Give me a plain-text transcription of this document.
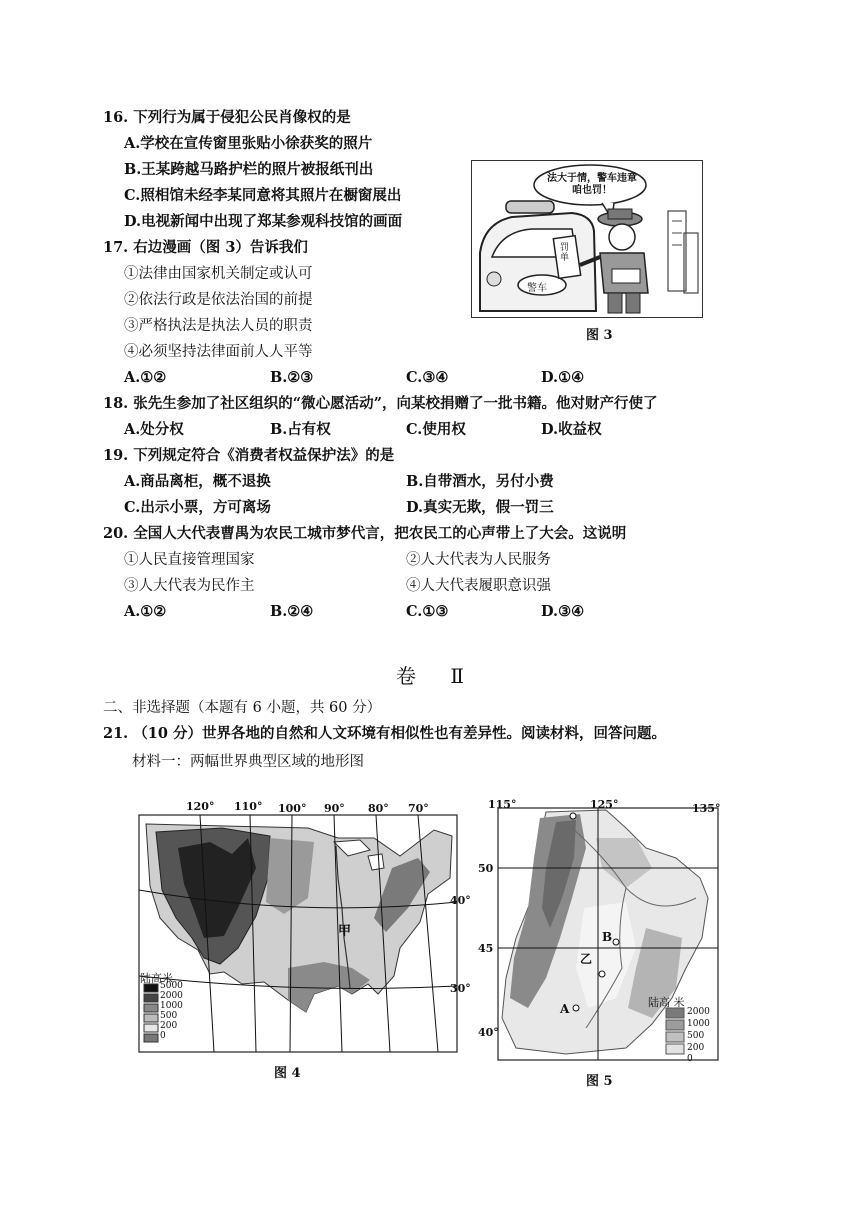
16. 下列行为属于侵犯公民肖像权的是
A.学校在宣传窗里张贴小徐获奖的照片
B.王某跨越马路护栏的照片被报纸刊出
C.照相馆未经李某同意将其照片在橱窗展出
D.电视新闻中出现了郑某参观科技馆的画面
17. 右边漫画（图 3）告诉我们
①法律由国家机关制定或认可
②依法行政是依法治国的前提
③严格执法是执法人员的职责
④必须坚持法律面前人人平等
A.①②	B.②③	C.③④	D.①④
法大于情，警车违章咱也罚！
罚单
警车
图 3
18. 张先生参加了社区组织的“微心愿活动”，向某校捐赠了一批书籍。他对财产行使了
A.处分权	B.占有权	C.使用权	D.收益权
19. 下列规定符合《消费者权益保护法》的是
A.商品离柜，概不退换	B.自带酒水，另付小费
C.出示小票，方可离场	D.真实无欺，假一罚三
20. 全国人大代表曹禺为农民工城市梦代言，把农民工的心声带上了大会。这说明
①人民直接管理国家	②人大代表为人民服务
③人大代表为民作主	④人大代表履职意识强
A.①②	B.②④	C.①③	D.③④
卷 Ⅱ
二、非选择题（本题有 6 小题，共 60 分）
21. （10 分）世界各地的自然和人文环境有相似性也有差异性。阅读材料，回答问题。
材料一：两幅世界典型区域的地形图
120° 110° 100° 90° 80° 70°
40°
30°
甲
陆高米
5000
2000
1000
500
200
0
图 4
115°	125°	135°
50
45
40°
A
B
乙
陆高 米
2000
1000
500
200
0
图 5
